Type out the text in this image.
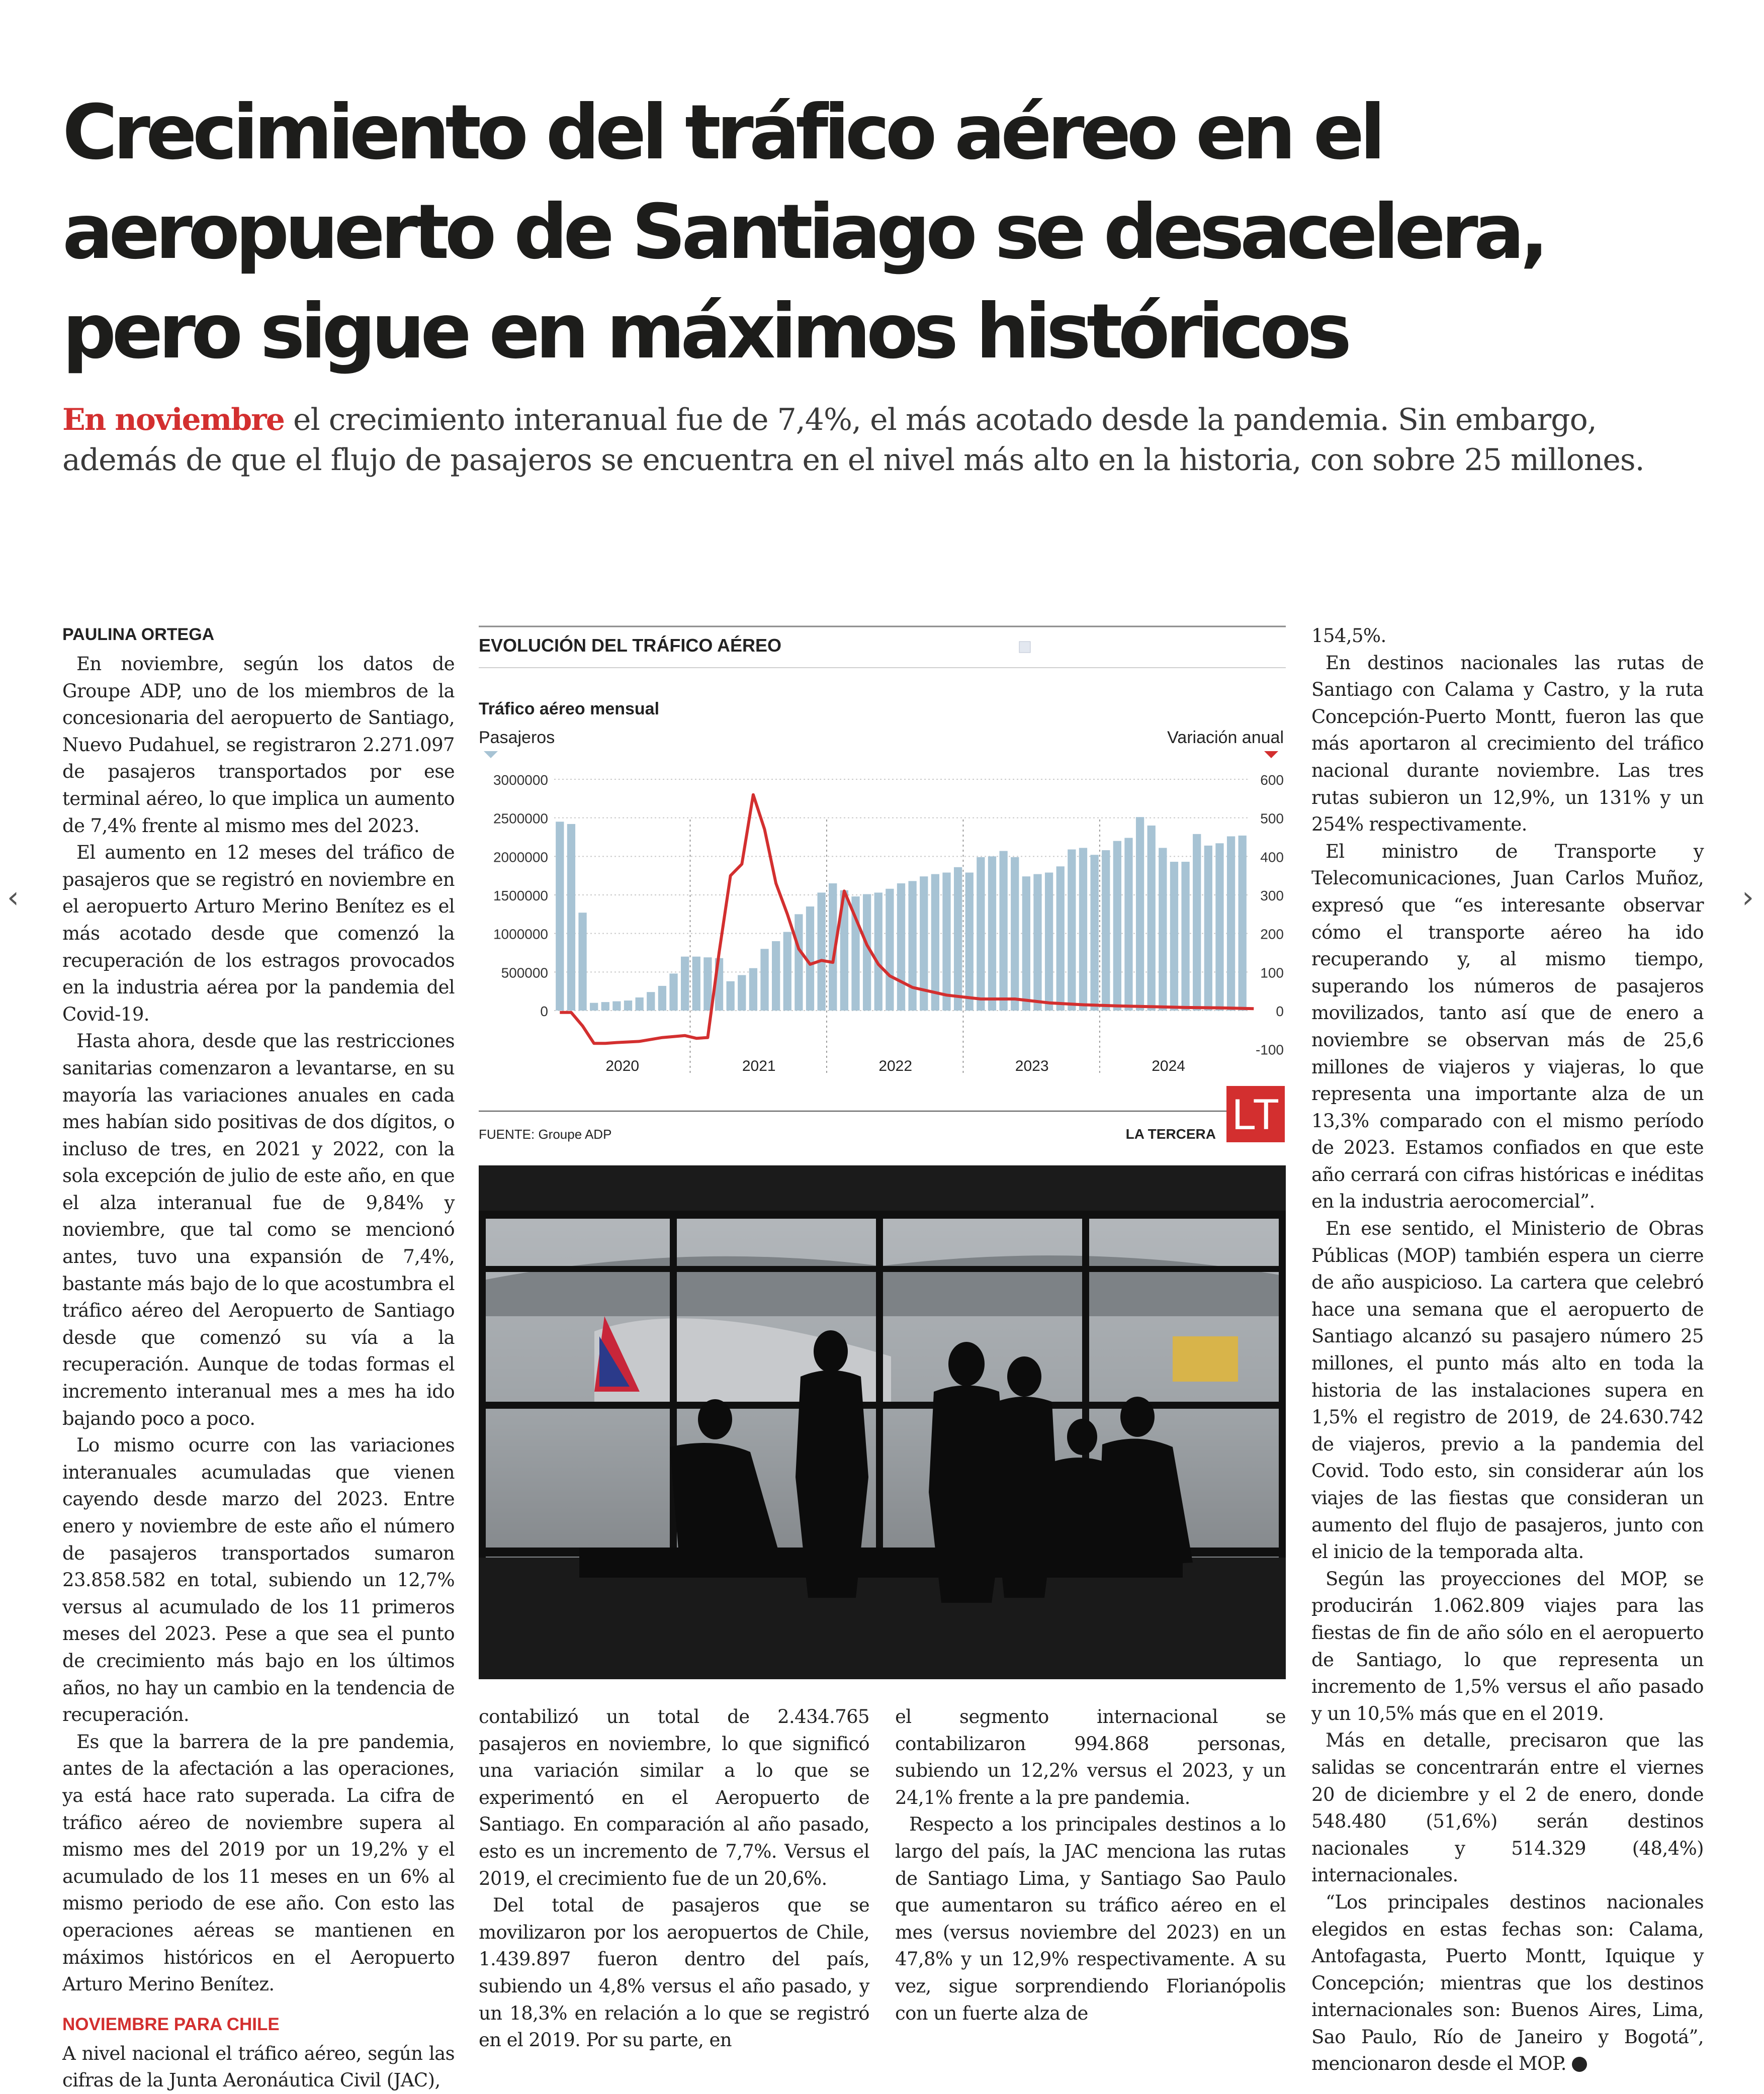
Crecimiento del tráfico aéreo en el
aeropuerto de Santiago se desacelera,
pero sigue en máximos históricos
En noviembre el crecimiento interanual fue de 7,4%, el más acotado desde la pandemia. Sin embargo,
además de que el flujo de pasajeros se encuentra en el nivel más alto en la historia, con sobre 25 millones.
‹	›
PAULINA ORTEGA

En noviembre, según los datos de Groupe ADP, uno de los miembros de la concesionaria del aeropuerto de Santiago, Nuevo Pudahuel, se registraron 2.271.097 de pasajeros transportados por ese terminal aéreo, lo que implica un aumento de 7,4% frente al mismo mes del 2023.

El aumento en 12 meses del tráfico de pasajeros que se registró en noviembre en el aeropuerto Arturo Merino Benítez es el más acotado desde que comenzó la recuperación de los estragos provocados en la industria aérea por la pandemia del Covid-19.

Hasta ahora, desde que las restricciones sanitarias comenzaron a levantarse, en su mayoría las variaciones anuales en cada mes habían sido positivas de dos dígitos, o incluso de tres, en 2021 y 2022, con la sola excepción de julio de este año, en que el alza interanual fue de 9,84% y noviembre, que tal como se mencionó antes, tuvo una expansión de 7,4%, bastante más bajo de lo que acostumbra el tráfico aéreo del Aeropuerto de Santiago desde que comenzó su vía a la recuperación. Aunque de todas formas el incremento interanual mes a mes ha ido bajando poco a poco.

Lo mismo ocurre con las variaciones interanuales acumuladas que vienen cayendo desde marzo del 2023. Entre enero y noviembre de este año el número de pasajeros transportados sumaron 23.858.582 en total, subiendo un 12,7% versus al acumulado de los 11 primeros meses del 2023. Pese a que sea el punto de crecimiento más bajo en los últimos años, no hay un cambio en la tendencia de recuperación.

Es que la barrera de la pre pandemia, antes de la afectación a las operaciones, ya está hace rato superada. La cifra de tráfico aéreo de noviembre supera al mismo mes del 2019 por un 19,2% y el acumulado de los 11 meses en un 6% al mismo periodo de ese año. Con esto las operaciones aéreas se mantienen en máximos históricos en el Aeropuerto Arturo Merino Benítez.

NOVIEMBRE PARA CHILE

A nivel nacional el tráfico aéreo, según las cifras de la Junta Aeronáutica Civil (JAC),

EVOLUCIÓN DEL TRÁFICO AÉREO
Tráfico aéreo mensual
Pasajeros	Variación anual
3000000
2500000
2000000
1500000
1000000
500000
0
600
500
400
300
200
100
0
-100
2020	2021	2022	2023	2024
FUENTE: Groupe ADP	LA TERCERA LT

contabilizó un total de 2.434.765 pasajeros en noviembre, lo que significó una variación similar a lo que se experimentó en el Aeropuerto de Santiago. En comparación al año pasado, esto es un incremento de 7,7%. Versus el 2019, el crecimiento fue de un 20,6%.

Del total de pasajeros que se movilizaron por los aeropuertos de Chile, 1.439.897 fueron dentro del país, subiendo un 4,8% versus el año pasado, y un 18,3% en relación a lo que se registró en el 2019. Por su parte, en

el segmento internacional se contabilizaron 994.868 personas, subiendo un 12,2% versus el 2023, y un 24,1% frente a la pre pandemia.

Respecto a los principales destinos a lo largo del país, la JAC menciona las rutas de Santiago Lima, y Santiago Sao Paulo que aumentaron su tráfico aéreo en el mes (versus noviembre del 2023) en un 47,8% y un 12,9% respectivamente. A su vez, sigue sorprendiendo Florianópolis con un fuerte alza de

154,5%.

En destinos nacionales las rutas de Santiago con Calama y Castro, y la ruta Concepción-Puerto Montt, fueron las que más aportaron al crecimiento del tráfico nacional durante noviembre. Las tres rutas subieron un 12,9%, un 131% y un 254% respectivamente.

El ministro de Transporte y Telecomunicaciones, Juan Carlos Muñoz, expresó que “es interesante observar cómo el transporte aéreo ha ido recuperando y, al mismo tiempo, superando los números de pasajeros movilizados, tanto así que de enero a noviembre se observan más de 25,6 millones de viajeros y viajeras, lo que representa una importante alza de un 13,3% comparado con el mismo período de 2023. Estamos confiados en que este año cerrará con cifras históricas e inéditas en la industria aerocomercial”.

En ese sentido, el Ministerio de Obras Públicas (MOP) también espera un cierre de año auspicioso. La cartera que celebró hace una semana que el aeropuerto de Santiago alcanzó su pasajero número 25 millones, el punto más alto en toda la historia de las instalaciones supera en 1,5% el registro de 2019, de 24.630.742 de viajeros, previo a la pandemia del Covid. Todo esto, sin considerar aún los viajes de las fiestas que consideran un aumento del flujo de pasajeros, junto con el inicio de la temporada alta.

Según las proyecciones del MOP, se producirán 1.062.809 viajes para las fiestas de fin de año sólo en el aeropuerto de Santiago, lo que representa un incremento de 1,5% versus el año pasado y un 10,5% más que en el 2019.

Más en detalle, precisaron que las salidas se concentrarán entre el viernes 20 de diciembre y el 2 de enero, donde 548.480 (51,6%) serán destinos nacionales y 514.329 (48,4%) internacionales.

“Los principales destinos nacionales elegidos en estas fechas son: Calama, Antofagasta, Puerto Montt, Iquique y Concepción; mientras que los destinos internacionales son: Buenos Aires, Lima, Sao Paulo, Río de Janeiro y Bogotá”, mencionaron desde el MOP.
